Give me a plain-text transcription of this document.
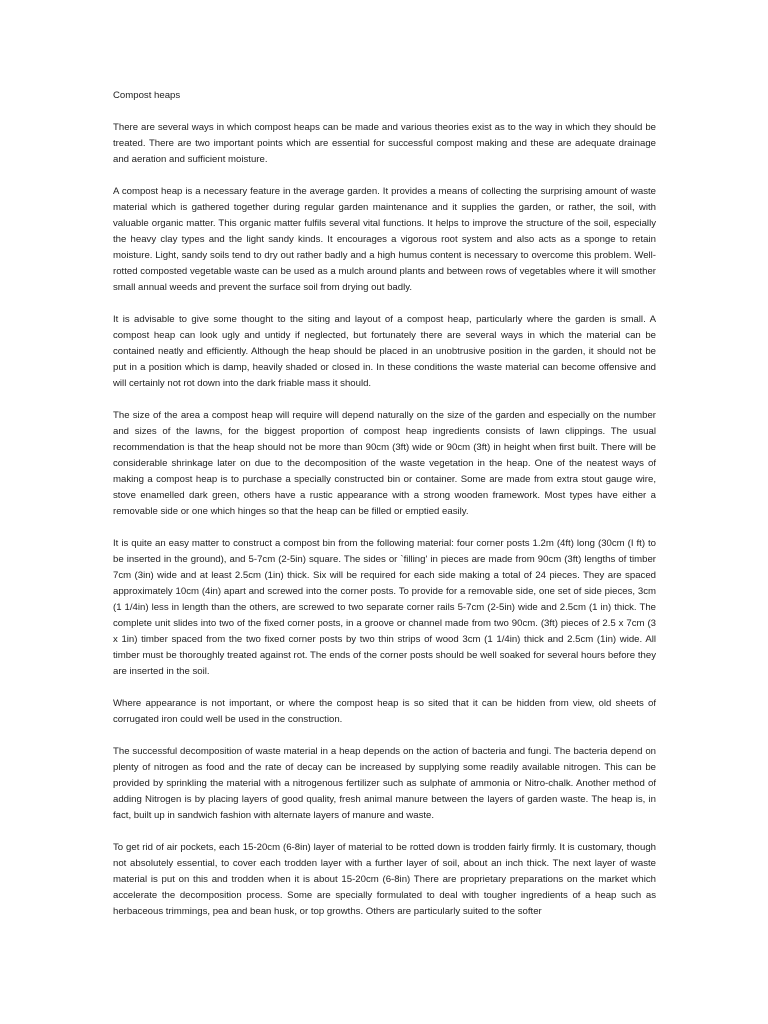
Compost heaps

There are several ways in which compost heaps can be made and various theories exist as to the way in which they should be treated. There are two important points which are essential for successful compost making and these are adequate drainage and aeration and sufficient moisture.

A compost heap is a necessary feature in the average garden. It provides a means of collecting the surprising amount of waste material which is gathered together during regular garden maintenance and it supplies the garden, or rather, the soil, with valuable organic matter. This organic matter fulfils several vital functions. It helps to improve the structure of the soil, especially the heavy clay types and the light sandy kinds. It encourages a vigorous root system and also acts as a sponge to retain moisture. Light, sandy soils tend to dry out rather badly and a high humus content is necessary to overcome this problem. Well-rotted composted vegetable waste can be used as a mulch around plants and between rows of vegetables where it will smother small annual weeds and prevent the surface soil from drying out badly.

It is advisable to give some thought to the siting and layout of a compost heap, particularly where the garden is small. A compost heap can look ugly and untidy if neglected, but fortunately there are several ways in which the material can be contained neatly and efficiently. Although the heap should be placed in an unobtrusive position in the garden, it should not be put in a position which is damp, heavily shaded or closed in. In these conditions the waste material can become offensive and will certainly not rot down into the dark friable mass it should.

The size of the area a compost heap will require will depend naturally on the size of the garden and especially on the number and sizes of the lawns, for the biggest proportion of compost heap ingredients consists of lawn clippings. The usual recommendation is that the heap should not be more than 90cm (3ft) wide or 90cm (3ft) in height when first built. There will be considerable shrinkage later on due to the decomposition of the waste vegetation in the heap. One of the neatest ways of making a compost heap is to purchase a specially constructed bin or container. Some are made from extra stout gauge wire, stove enamelled dark green, others have a rustic appearance with a strong wooden framework. Most types have either a removable side or one which hinges so that the heap can be filled or emptied easily.

It is quite an easy matter to construct a compost bin from the following material: four corner posts 1.2m (4ft) long (30cm (I ft) to be inserted in the ground), and 5-7cm (2-5in) square. The sides or `filling' in pieces are made from 90cm (3ft) lengths of timber 7cm (3in) wide and at least 2.5cm (1in) thick. Six will be required for each side making a total of 24 pieces. They are spaced approximately 10cm (4in) apart and screwed into the corner posts. To provide for a removable side, one set of side pieces, 3cm (1 1/4in) less in length than the others, are screwed to two separate corner rails 5-7cm (2-5in) wide and 2.5cm (1 in) thick. The complete unit slides into two of the fixed corner posts, in a groove or channel made from two 90cm. (3ft) pieces of 2.5 x 7cm (3 x 1in) timber spaced from the two fixed corner posts by two thin strips of wood 3cm (1 1/4in) thick and 2.5cm (1in) wide. All timber must be thoroughly treated against rot. The ends of the corner posts should be well soaked for several hours before they are inserted in the soil.

Where appearance is not important, or where the compost heap is so sited that it can be hidden from view, old sheets of corrugated iron could well be used in the construction.

The successful decomposition of waste material in a heap depends on the action of bacteria and fungi. The bacteria depend on plenty of nitrogen as food and the rate of decay can be increased by supplying some readily available nitrogen. This can be provided by sprinkling the material with a nitrogenous fertilizer such as sulphate of ammonia or Nitro-chalk. Another method of adding Nitrogen is by placing layers of good quality, fresh animal manure between the layers of garden waste. The heap is, in fact, built up in sandwich fashion with alternate layers of manure and waste.

To get rid of air pockets, each 15-20cm (6-8in) layer of material to be rotted down is trodden fairly firmly. It is customary, though not absolutely essential, to cover each trodden layer with a further layer of soil, about an inch thick. The next layer of waste material is put on this and trodden when it is about 15-20cm (6-8in) There are proprietary preparations on the market which accelerate the decomposition process. Some are specially formulated to deal with tougher ingredients of a heap such as herbaceous trimmings, pea and bean husk, or top growths. Others are particularly suited to the softer
